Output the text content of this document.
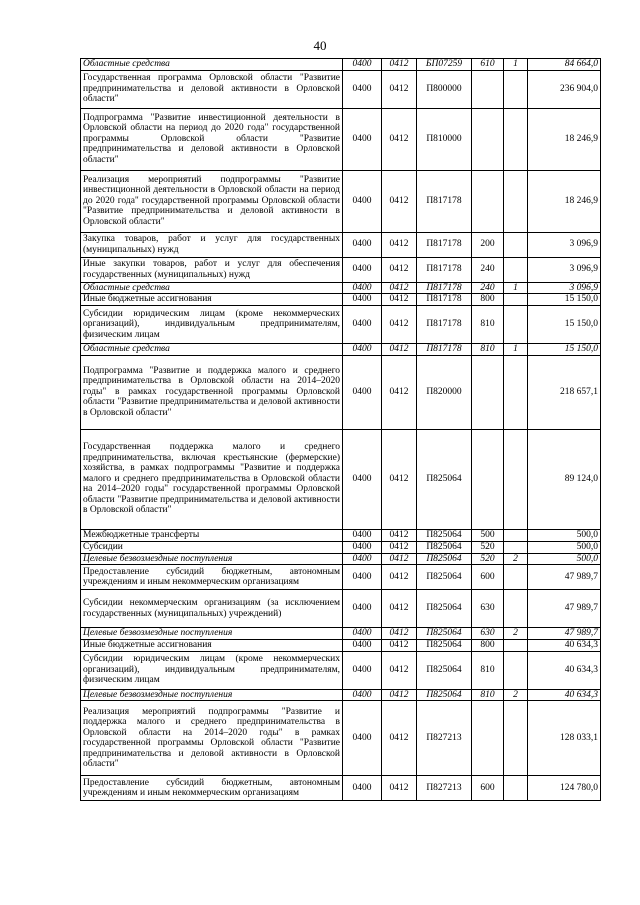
40
Областные средства	0400	0412	БП07259	610	1	84 664,0
Государственная программа Орловской области "Развитие предпринимательства и деловой активности в Орловской области"	0400	0412	П800000			236 904,0
Подпрограмма "Развитие инвестиционной деятельности в Орловской области на период до 2020 года" государственной программы Орловской области "Развитие предпринимательства и деловой активности в Орловской области"	0400	0412	П810000			18 246,9
Реализация мероприятий подпрограммы "Развитие инвестиционной деятельности в Орловской области на период до 2020 года" государственной программы Орловской области "Развитие предпринимательства и деловой активности в Орловской области"	0400	0412	П817178			18 246,9
Закупка товаров, работ и услуг для государственных (муниципальных) нужд	0400	0412	П817178	200		3 096,9
Иные закупки товаров, работ и услуг для обеспечения государственных (муниципальных) нужд	0400	0412	П817178	240		3 096,9
Областные средства	0400	0412	П817178	240	1	3 096,9
Иные бюджетные ассигнования	0400	0412	П817178	800		15 150,0
Субсидии юридическим лицам (кроме некоммерческих организаций), индивидуальным предпринимателям, физическим лицам	0400	0412	П817178	810		15 150,0
Областные средства	0400	0412	П817178	810	1	15 150,0
Подпрограмма "Развитие и поддержка малого и среднего предпринимательства в Орловской области на 2014–2020 годы" в рамках государственной программы Орловской области "Развитие предпринимательства и деловой активности в Орловской области"	0400	0412	П820000			218 657,1
Государственная поддержка малого и среднего предпринимательства, включая крестьянские (фермерские) хозяйства, в рамках подпрограммы "Развитие и поддержка малого и среднего предпринимательства в Орловской области на 2014–2020 годы" государственной программы Орловской области "Развитие предпринимательства и деловой активности в Орловской области"	0400	0412	П825064			89 124,0
Межбюджетные трансферты	0400	0412	П825064	500		500,0
Субсидии	0400	0412	П825064	520		500,0
Целевые безвозмездные поступления	0400	0412	П825064	520	2	500,0
Предоставление субсидий бюджетным, автономным учреждениям и иным некоммерческим организациям	0400	0412	П825064	600		47 989,7
Субсидии некоммерческим организациям (за исключением государственных (муниципальных) учреждений)	0400	0412	П825064	630		47 989,7
Целевые безвозмездные поступления	0400	0412	П825064	630	2	47 989,7
Иные бюджетные ассигнования	0400	0412	П825064	800		40 634,3
Субсидии юридическим лицам (кроме некоммерческих организаций), индивидуальным предпринимателям, физическим лицам	0400	0412	П825064	810		40 634,3
Целевые безвозмездные поступления	0400	0412	П825064	810	2	40 634,3
Реализация мероприятий подпрограммы "Развитие и поддержка малого и среднего предпринимательства в Орловской области на 2014–2020 годы" в рамках государственной программы Орловской области "Развитие предпринимательства и деловой активности в Орловской области"	0400	0412	П827213			128 033,1
Предоставление субсидий бюджетным, автономным учреждениям и иным некоммерческим организациям	0400	0412	П827213	600		124 780,0
